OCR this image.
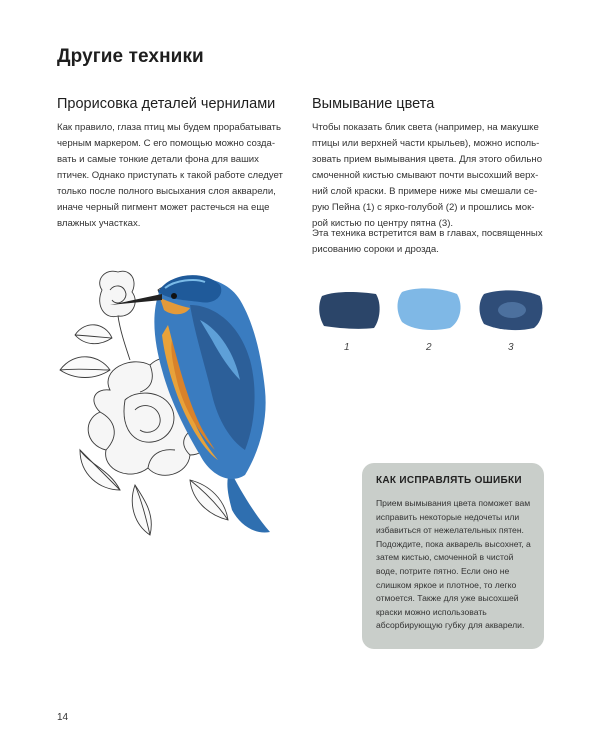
Другие техники
Прорисовка деталей чернилами
Как правило, глаза птиц мы будем прорабатывать черным маркером. С его помощью можно созда-вать и самые тонкие детали фона для ваших птичек. Однако приступать к такой работе следует только после полного высыхания слоя акварели, иначе черный пигмент может растечься на еще влажных участках.
Вымывание цвета
Чтобы показать блик света (например, на макушке птицы или верхней части крыльев), можно исполь-зовать прием вымывания цвета. Для этого обильно смоченной кистью смывают почти высохший верх-ний слой краски. В примере ниже мы смешали се-рую Пейна (1) с ярко-голубой (2) и прошлись мок-рой кистью по центру пятна (3).
Эта техника встретится вам в главах, посвященных рисованию сороки и дрозда.
1	2	3
КАК ИСПРАВЛЯТЬ ОШИБКИ
Прием вымывания цвета поможет вам исправить некоторые недочеты или избавиться от нежелательных пятен. Подождите, пока акварель высохнет, а затем кистью, смоченной в чистой воде, потрите пятно. Если оно не слишком яркое и плотное, то легко отмоется. Также для уже высохшей краски можно использовать абсорбирующую губку для акварели.
14
